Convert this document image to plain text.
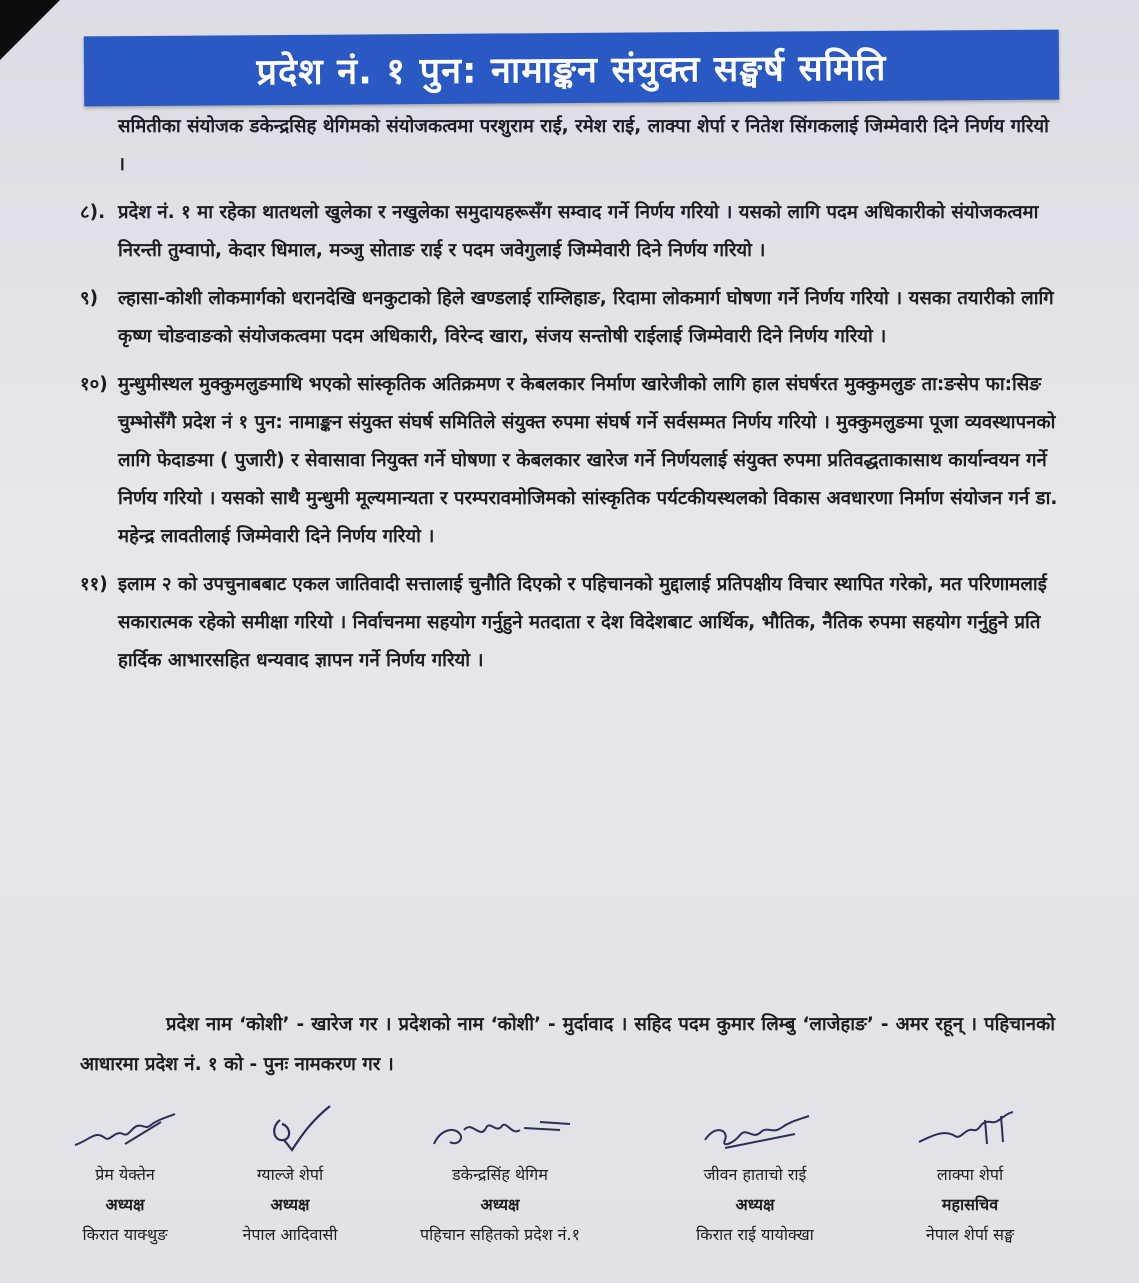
प्रदेश नं. १ पुन: नामाङ्कन संयुक्त सङ्घर्ष समिति
समितीका संयोजक डकेन्द्रसिह थेगिमको संयोजकत्वमा परशुराम राई, रमेश राई, लाक्पा शेर्पा र नितेश सिंगकलाई जिम्मेवारी दिने निर्णय गरियो ।
८). प्रदेश नं. १ मा रहेका थातथलो खुलेका र नखुलेका समुदायहरूसँग सम्वाद गर्ने निर्णय गरियो । यसको लागि पदम अधिकारीको संयोजकत्वमा निरन्ती तुम्वापो, केदार धिमाल, मञ्जु सोताङ राई र पदम जवेगुलाई जिम्मेवारी दिने निर्णय गरियो ।
९)	ल्हासा-कोशी लोकमार्गको धरानदेखि धनकुटाको हिले खण्डलाई राम्लिहाङ, रिदामा लोकमार्ग घोषणा गर्ने निर्णय गरियो । यसका तयारीको लागि कृष्ण चोङवाङको संयोजकत्वमा पदम अधिकारी, विरेन्द खारा, संजय सन्तोषी राईलाई जिम्मेवारी दिने निर्णय गरियो ।
१०) मुन्धुमीस्थल मुक्कुमलुङमाथि भएको सांस्कृतिक अतिक्रमण र केबलकार निर्माण खारेजीको लागि हाल संघर्षरत मुक्कुमलुङ ता:ङसेप फा:सिङ चुम्भोसँगै प्रदेश नं १ पुन: नामाङ्कन संयुक्त संघर्ष समितिले संयुक्त रुपमा संघर्ष गर्ने सर्वसम्मत निर्णय गरियो । मुक्कुमलुङमा पूजा व्यवस्थापनको लागि फेदाङमा ( पुजारी) र सेवासावा नियुक्त गर्ने घोषणा र केबलकार खारेज गर्ने निर्णयलाई संयुक्त रुपमा प्रतिवद्धताकासाथ कार्यान्वयन गर्ने निर्णय गरियो । यसको साथै मुन्धुमी मूल्यमान्यता र परम्परावमोजिमको सांस्कृतिक पर्यटकीयस्थलको विकास अवधारणा निर्माण संयोजन गर्न डा. महेन्द्र लावतीलाई जिम्मेवारी दिने निर्णय गरियो ।
११) इलाम २ को उपचुनाबबाट एकल जातिवादी सत्तालाई चुनौति दिएको र पहिचानको मुद्दालाई प्रतिपक्षीय विचार स्थापित गरेको, मत परिणामलाई सकारात्मक रहेको समीक्षा गरियो । निर्वाचनमा सहयोग गर्नुहुने मतदाता र देश विदेशबाट आर्थिक, भौतिक, नैतिक रुपमा सहयोग गर्नुहुने प्रति हार्दिक आभारसहित धन्यवाद ज्ञापन गर्ने निर्णय गरियो ।
प्रदेश नाम ‘कोशी’ - खारेज गर । प्रदेशको नाम ‘कोशी’ - मुर्दावाद । सहिद पदम कुमार लिम्बु ‘लाजेहाङ’ - अमर रहून् । पहिचानको आधारमा प्रदेश नं. १ को - पुनः नामकरण गर ।
प्रेम येक्तेन
अध्यक्ष
किरात याक्थुङ
ग्याल्जे शेर्पा
अध्यक्ष
नेपाल आदिवासी
डकेन्द्रसिंह थेगिम
अध्यक्ष
पहिचान सहितको प्रदेश नं.१
जीवन हाताचो राई
अध्यक्ष
किरात राई यायोक्खा
लाक्पा शेर्पा
महासचिव
नेपाल शेर्पा सङ्घ
